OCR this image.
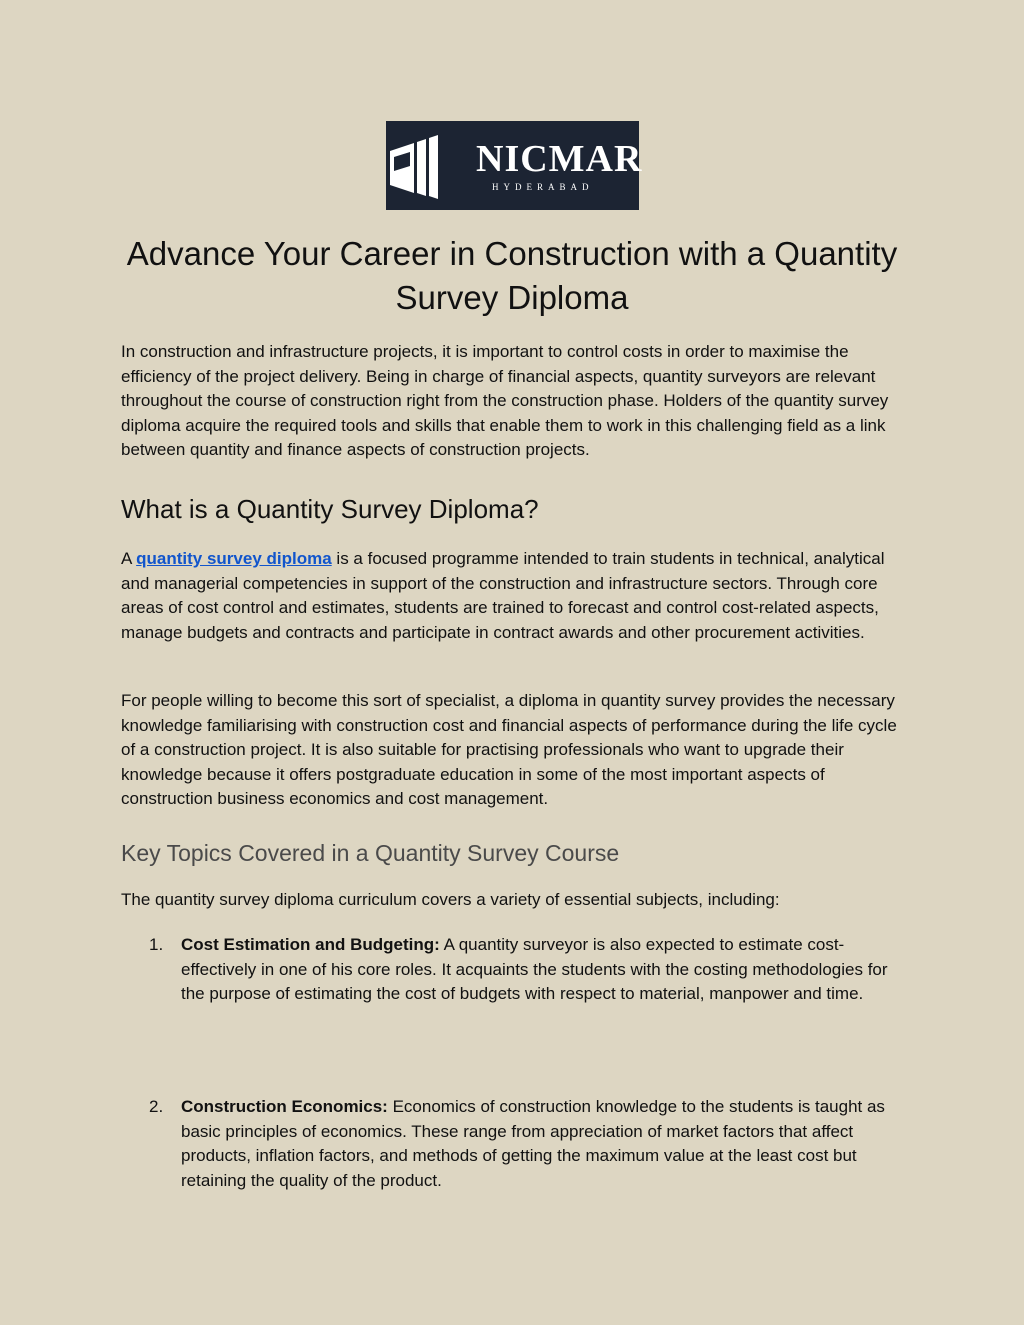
NICMAR
HYDERABAD
Advance Your Career in Construction with a Quantity Survey Diploma

In construction and infrastructure projects, it is important to control costs in order to maximise the efficiency of the project delivery. Being in charge of financial aspects, quantity surveyors are relevant throughout the course of construction right from the construction phase. Holders of the quantity survey diploma acquire the required tools and skills that enable them to work in this challenging field as a link between quantity and finance aspects of construction projects.

What is a Quantity Survey Diploma?

A quantity survey diploma is a focused programme intended to train students in technical, analytical and managerial competencies in support of the construction and infrastructure sectors. Through core areas of cost control and estimates, students are trained to forecast and control cost-related aspects, manage budgets and contracts and participate in contract awards and other procurement activities.

For people willing to become this sort of specialist, a diploma in quantity survey provides the necessary knowledge familiarising with construction cost and financial aspects of performance during the life cycle of a construction project. It is also suitable for practising professionals who want to upgrade their knowledge because it offers postgraduate education in some of the most important aspects of construction business economics and cost management.

Key Topics Covered in a Quantity Survey Course

The quantity survey diploma curriculum covers a variety of essential subjects, including:

1. Cost Estimation and Budgeting: A quantity surveyor is also expected to estimate cost-effectively in one of his core roles. It acquaints the students with the costing methodologies for the purpose of estimating the cost of budgets with respect to material, manpower and time.

2. Construction Economics: Economics of construction knowledge to the students is taught as basic principles of economics. These range from appreciation of market factors that affect products, inflation factors, and methods of getting the maximum value at the least cost but retaining the quality of the product.
